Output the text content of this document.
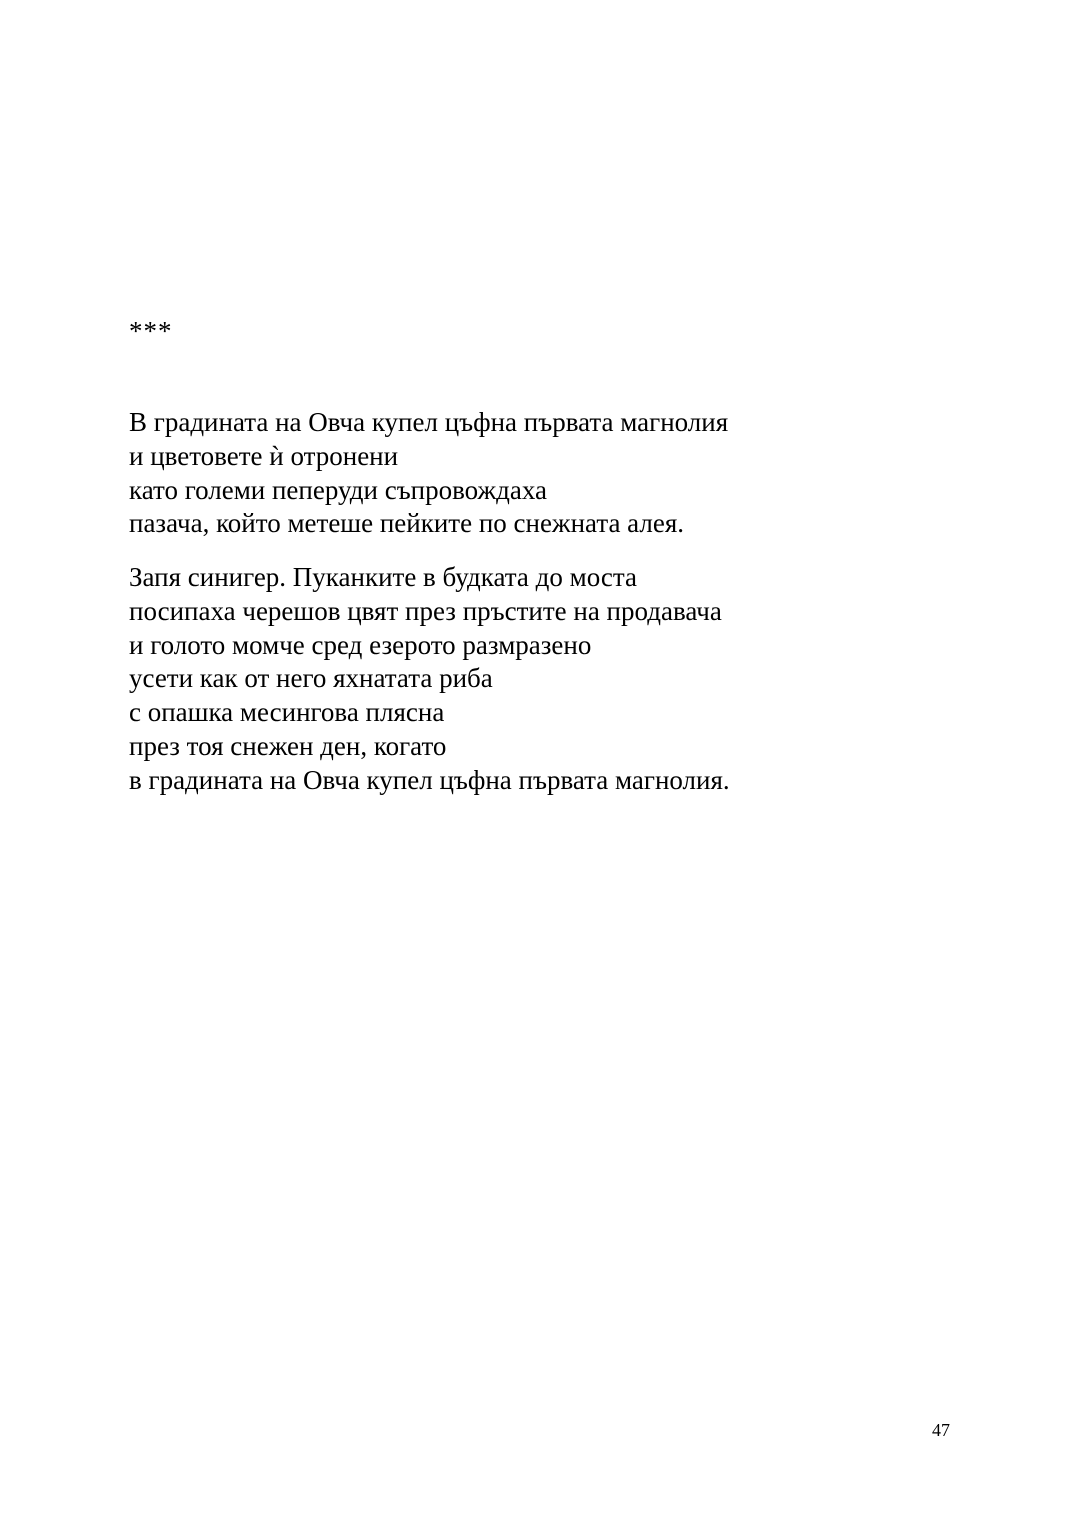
***
В градината на Овча купел цъфна първата магнолия
и цветовете ѝ отронени
като големи пеперуди съпровождаха
пазача, който метеше пейките по снежната алея.
Запя синигер. Пуканките в будката до моста
посипаха черешов цвят през пръстите на продавача
и голото момче сред езерото размразено
усети как от него яхнатата риба
с опашка месингова плясна
през тоя снежен ден, когато
в градината на Овча купел цъфна първата магнолия.
47
